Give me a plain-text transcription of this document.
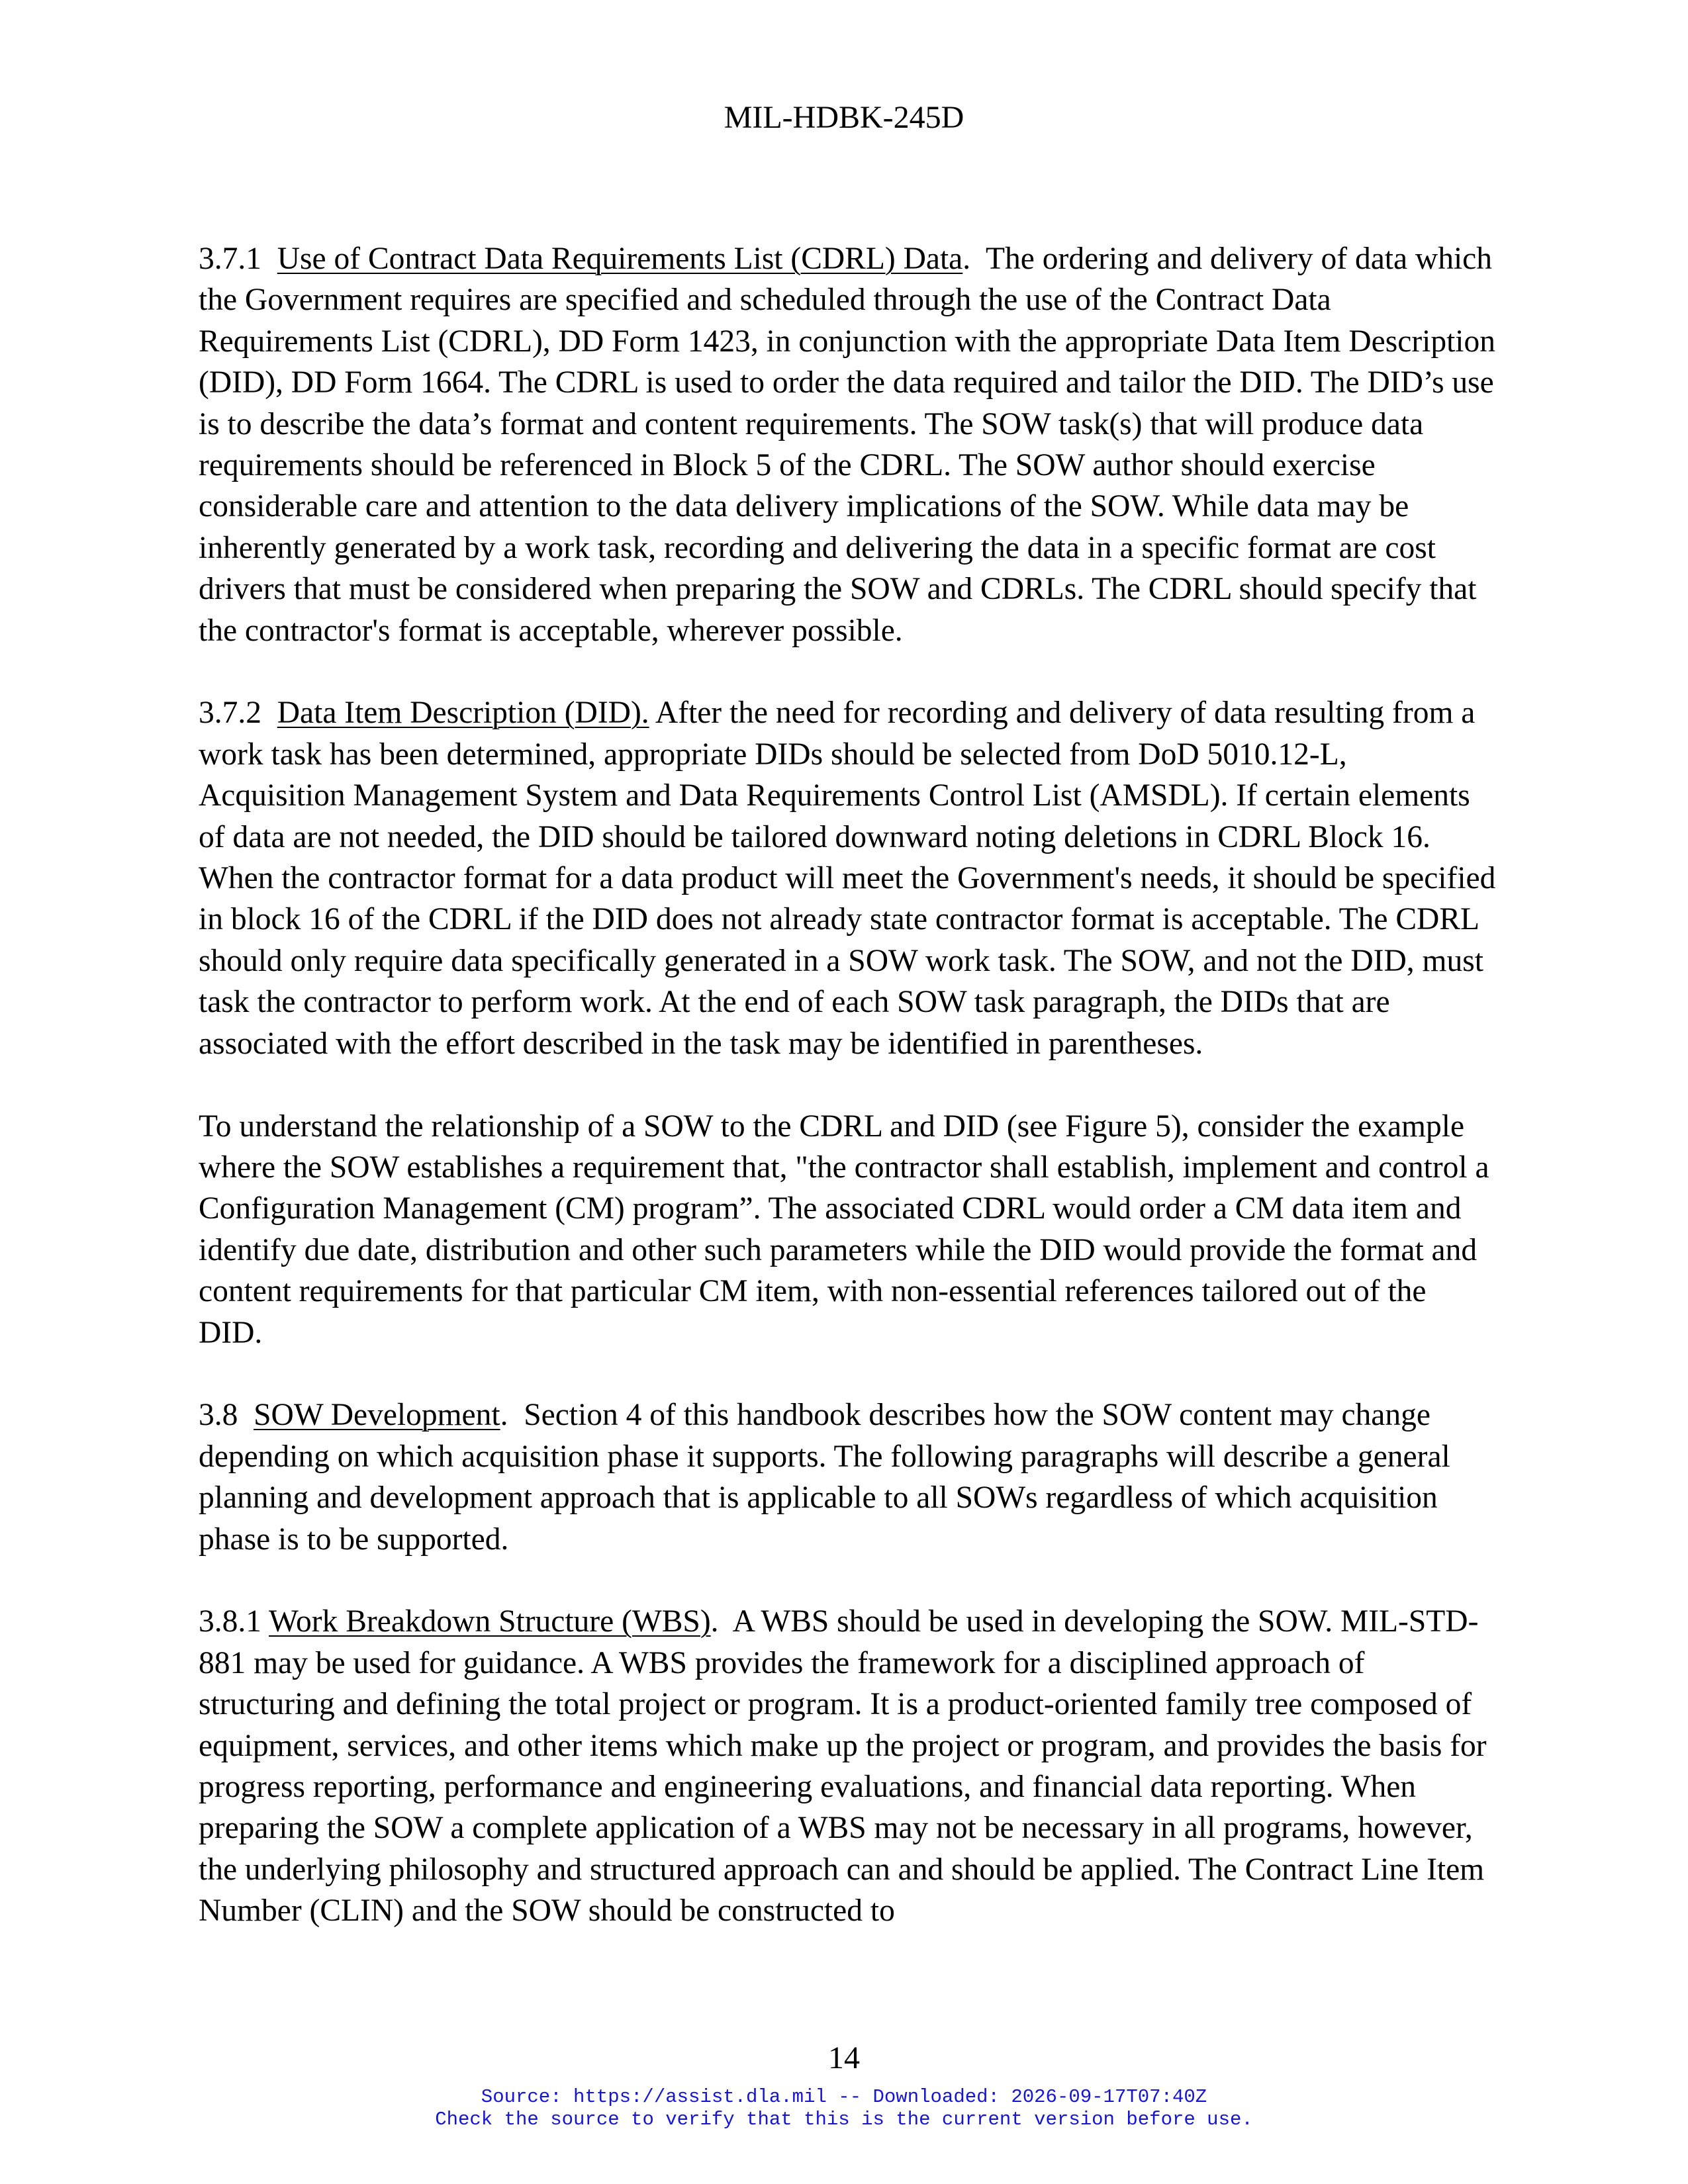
MIL-HDBK-245D

3.7.1 Use of Contract Data Requirements List (CDRL) Data. The ordering and delivery of data which the Government requires are specified and scheduled through the use of the Contract Data Requirements List (CDRL), DD Form 1423, in conjunction with the appropriate Data Item Description (DID), DD Form 1664. The CDRL is used to order the data required and tailor the DID. The DID’s use is to describe the data’s format and content requirements. The SOW task(s) that will produce data requirements should be referenced in Block 5 of the CDRL. The SOW author should exercise considerable care and attention to the data delivery implications of the SOW. While data may be inherently generated by a work task, recording and delivering the data in a specific format are cost drivers that must be considered when preparing the SOW and CDRLs. The CDRL should specify that the contractor's format is acceptable, wherever possible.

3.7.2 Data Item Description (DID). After the need for recording and delivery of data resulting from a work task has been determined, appropriate DIDs should be selected from DoD 5010.12-L, Acquisition Management System and Data Requirements Control List (AMSDL). If certain elements of data are not needed, the DID should be tailored downward noting deletions in CDRL Block 16. When the contractor format for a data product will meet the Government's needs, it should be specified in block 16 of the CDRL if the DID does not already state contractor format is acceptable. The CDRL should only require data specifically generated in a SOW work task. The SOW, and not the DID, must task the contractor to perform work. At the end of each SOW task paragraph, the DIDs that are associated with the effort described in the task may be identified in parentheses.

To understand the relationship of a SOW to the CDRL and DID (see Figure 5), consider the example where the SOW establishes a requirement that, "the contractor shall establish, implement and control a Configuration Management (CM) program”. The associated CDRL would order a CM data item and identify due date, distribution and other such parameters while the DID would provide the format and content requirements for that particular CM item, with non-essential references tailored out of the DID.

3.8 SOW Development. Section 4 of this handbook describes how the SOW content may change depending on which acquisition phase it supports. The following paragraphs will describe a general planning and development approach that is applicable to all SOWs regardless of which acquisition phase is to be supported.

3.8.1 Work Breakdown Structure (WBS). A WBS should be used in developing the SOW. MIL-STD-881 may be used for guidance. A WBS provides the framework for a disciplined approach of structuring and defining the total project or program. It is a product-oriented family tree composed of equipment, services, and other items which make up the project or program, and provides the basis for progress reporting, performance and engineering evaluations, and financial data reporting. When preparing the SOW a complete application of a WBS may not be necessary in all programs, however, the underlying philosophy and structured approach can and should be applied. The Contract Line Item Number (CLIN) and the SOW should be constructed to

14
Source: https://assist.dla.mil -- Downloaded: 2026-09-17T07:40Z
Check the source to verify that this is the current version before use.
